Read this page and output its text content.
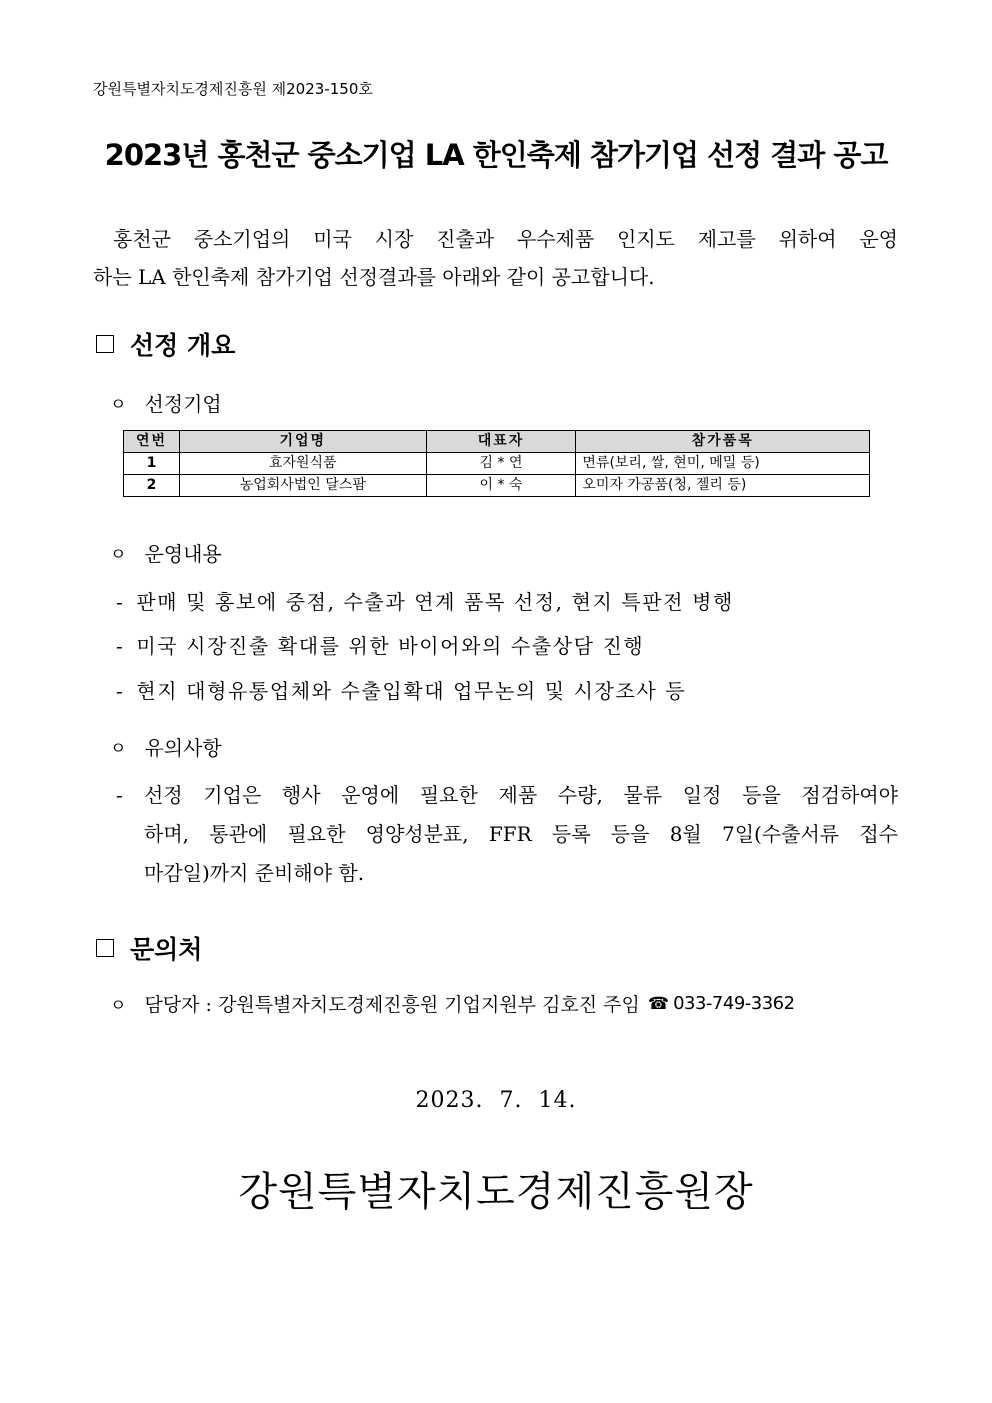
강원특별자치도경제진흥원 제2023-150호
2023년 홍천군 중소기업 LA 한인축제 참가기업 선정 결과 공고
홍천군 중소기업의 미국 시장 진출과 우수제품 인지도 제고를 위하여 운영
하는 LA 한인축제 참가기업 선정결과를 아래와 같이 공고합니다.
선정 개요
ㅇ 선정기업
연번	기업명	대표자	참가품목
1	효자원식품	김 * 연	면류(보리, 쌀, 현미, 메밀 등)
2	농업회사법인 달스팜	이 * 숙	오미자 가공품(청, 젤리 등)
ㅇ 운영내용
- 판매 및 홍보에 중점, 수출과 연계 품목 선정, 현지 특판전 병행
- 미국 시장진출 확대를 위한 바이어와의 수출상담 진행
- 현지 대형유통업체와 수출입확대 업무논의 및 시장조사 등
ㅇ 유의사항
-	선정 기업은 행사 운영에 필요한 제품 수량, 물류 일정 등을 점검하여야
하며, 통관에 필요한 영양성분표, FFR 등록 등을 8월 7일(수출서류 접수
마감일)까지 준비해야 함.
문의처
ㅇ 담당자 : 강원특별자치도경제진흥원 기업지원부 김호진 주임 ☎ 033-749-3362
2023. 7. 14.
강원특별자치도경제진흥원장
